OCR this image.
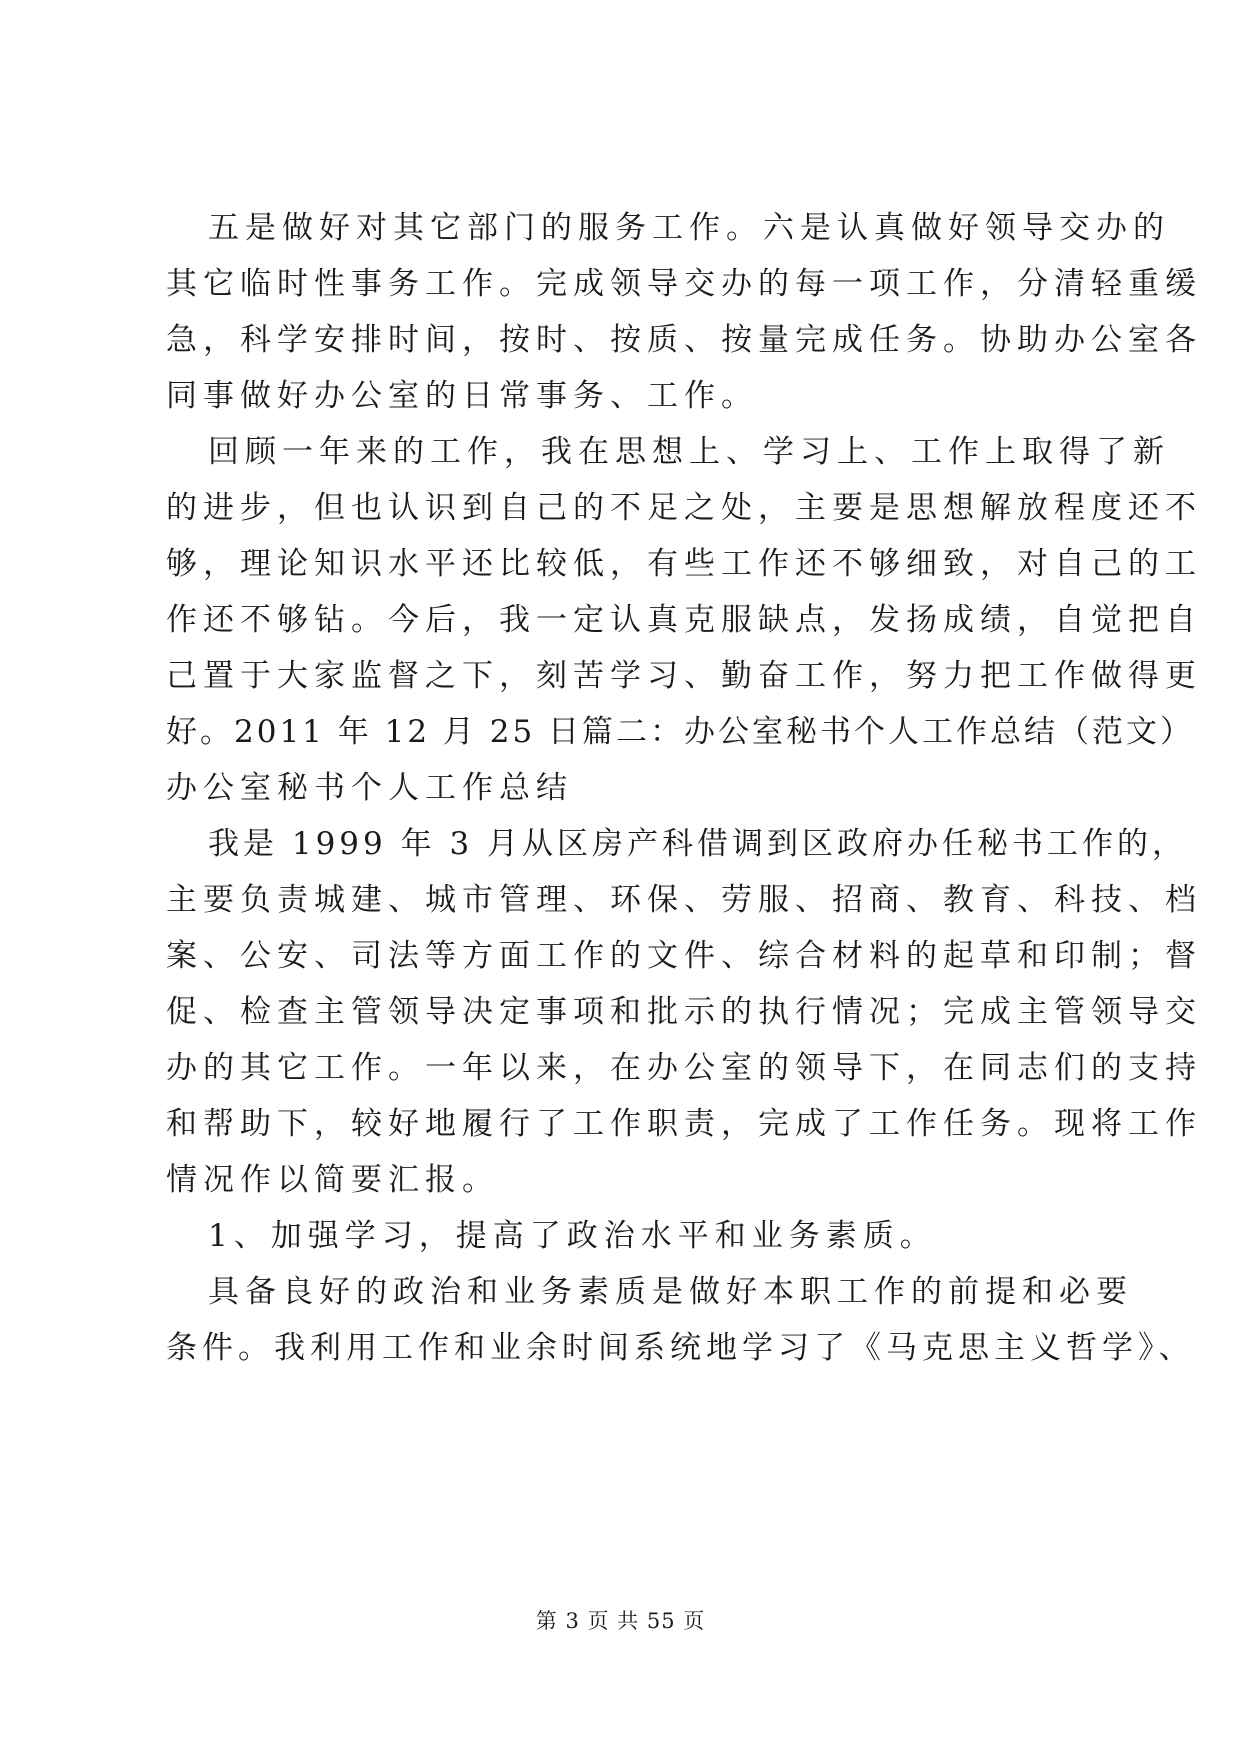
五是做好对其它部门的服务工作。六是认真做好领导交办的
其它临时性事务工作。完成领导交办的每一项工作，分清轻重缓
急，科学安排时间，按时、按质、按量完成任务。协助办公室各
同事做好办公室的日常事务、工作。
回顾一年来的工作，我在思想上、学习上、工作上取得了新
的进步，但也认识到自己的不足之处，主要是思想解放程度还不
够，理论知识水平还比较低，有些工作还不够细致，对自己的工
作还不够钻。今后，我一定认真克服缺点，发扬成绩，自觉把自
己置于大家监督之下，刻苦学习、勤奋工作，努力把工作做得更
好。2011 年 12 月 25 日篇二：办公室秘书个人工作总结（范文）
办公室秘书个人工作总结
我是 1999 年 3 月从区房产科借调到区政府办任秘书工作的，
主要负责城建、城市管理、环保、劳服、招商、教育、科技、档
案、公安、司法等方面工作的文件、综合材料的起草和印制；督
促、检查主管领导决定事项和批示的执行情况；完成主管领导交
办的其它工作。一年以来，在办公室的领导下，在同志们的支持
和帮助下，较好地履行了工作职责，完成了工作任务。现将工作
情况作以简要汇报。
1、加强学习，提高了政治水平和业务素质。
具备良好的政治和业务素质是做好本职工作的前提和必要
条件。我利用工作和业余时间系统地学习了《马克思主义哲学》、
第 3 页 共 55 页
